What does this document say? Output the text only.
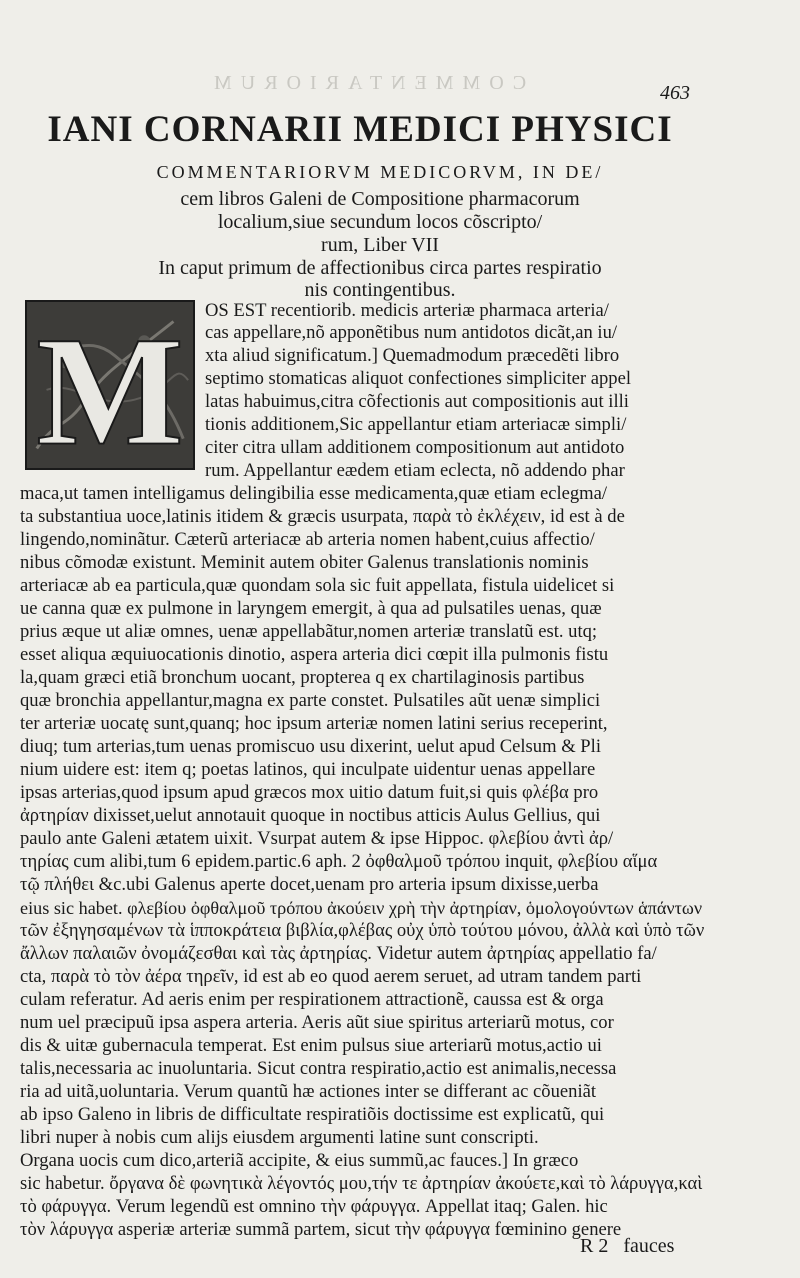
COMMENTARIORUM	463
IANI CORNARII MEDICI PHYSICI
COMMENTARIORVM MEDICORVM, IN DE/
cem libros Galeni de Compositione pharmacorum
localium,siue secundum locos cõscripto/
rum, Liber VII
In caput primum de affectionibus circa partes respiratio
nis contingentibus.
M OS EST recentiorib. medicis arteriæ pharmaca arteria/
cas appellare,nõ apponẽtibus num antidotos dicãt,an iu/
xta aliud significatum.] Quemadmodum præcedẽti libro
septimo stomaticas aliquot confectiones simpliciter appel
latas habuimus,citra cõfectionis aut compositionis aut illi
tionis additionem,Sic appellantur etiam arteriacæ simpli/
citer citra ullam additionem compositionum aut antidoto
rum. Appellantur eædem etiam eclecta, nõ addendo phar
maca,ut tamen intelligamus delingibilia esse medicamenta,quæ etiam eclegma/
ta substantiua uoce,latinis itidem & græcis usurpata, παρὰ τὸ ἐκλέχειν, id est à de
lingendo,nominãtur. Cæterũ arteriacæ ab arteria nomen habent,cuius affectio/
nibus cõmodæ existunt. Meminit autem obiter Galenus translationis nominis
arteriacæ ab ea particula,quæ quondam sola sic fuit appellata, fistula uidelicet si
ue canna quæ ex pulmone in laryngem emergit, à qua ad pulsatiles uenas, quæ
prius æque ut aliæ omnes, uenæ appellabãtur,nomen arteriæ translatũ est. utq;
esset aliqua æquiuocationis dinotio, aspera arteria dici cœpit illa pulmonis fistu
la,quam græci etiã bronchum uocant, propterea q ex chartilaginosis partibus
quæ bronchia appellantur,magna ex parte constet. Pulsatiles aũt uenæ simplici
ter arteriæ uocatę sunt,quanq; hoc ipsum arteriæ nomen latini serius receperint,
diuq; tum arterias,tum uenas promiscuo usu dixerint, uelut apud Celsum & Pli
nium uidere est: item q; poetas latinos, qui inculpate uidentur uenas appellare
ipsas arterias,quod ipsum apud græcos mox uitio datum fuit,si quis φλέβα pro
ἀρτηρίαν dixisset,uelut annotauit quoque in noctibus atticis Aulus Gellius, qui
paulo ante Galeni ætatem uixit. Vsurpat autem & ipse Hippoc. φλεβίου ἀντὶ ἀρ/
τηρίας cum alibi,tum 6 epidem.partic.6 aph. 2 ὀφθαλμοῦ τρόπου inquit, φλεβίου αἵμα
τῷ πλήθει &c.ubi Galenus aperte docet,uenam pro arteria ipsum dixisse,uerba
eius sic habet. φλεβίου ὀφθαλμοῦ τρόπου ἀκούειν χρὴ τὴν ἀρτηρίαν, ὁμολογούντων ἁπάντων
τῶν ἐξηγησαμένων τὰ ἱπποκράτεια βιβλία,φλέβας οὐχ ὑπὸ τούτου μόνου, ἀλλὰ καὶ ὑπὸ τῶν
ἄλλων παλαιῶν ὀνομάζεσθαι καὶ τὰς ἀρτηρίας. Videtur autem ἀρτηρίας appellatio fa/
cta, παρὰ τὸ τὸν ἀέρα τηρεῖν, id est ab eo quod aerem seruet, ad utram tandem parti
culam referatur. Ad aeris enim per respirationem attractionẽ, caussa est & orga
num uel præcipuũ ipsa aspera arteria. Aeris aũt siue spiritus arteriarũ motus, cor
dis & uitæ gubernacula temperat. Est enim pulsus siue arteriarũ motus,actio ui
talis,necessaria ac inuoluntaria. Sicut contra respiratio,actio est animalis,necessa
ria ad uitã,uoluntaria. Verum quantũ hæ actiones inter se differant ac cõueniãt
ab ipso Galeno in libris de difficultate respiratiõis doctissime est explicatũ, qui
libri nuper à nobis cum alijs eiusdem argumenti latine sunt conscripti.
Organa uocis cum dico,arteriã accipite, & eius summũ,ac fauces.] In græco
sic habetur. ὄργανα δὲ φωνητικὰ λέγοντός μου,τήν τε ἀρτηρίαν ἀκούετε,καὶ τὸ λάρυγγα,καὶ
τὸ φάρυγγα. Verum legendũ est omnino τὴν φάρυγγα. Appellat itaq; Galen. hic
τὸν λάρυγγα asperiæ arteriæ summã partem, sicut τὴν φάρυγγα fœminino genere
R 2   fauces
